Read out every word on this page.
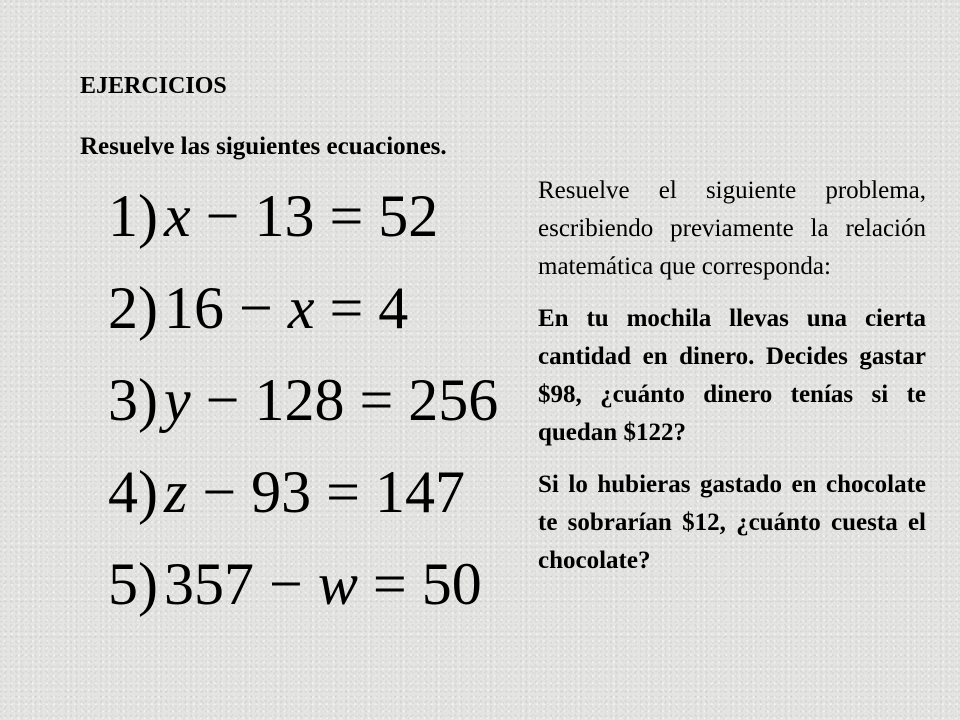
EJERCICIOS
Resuelve las siguientes ecuaciones.
1) x − 13 = 52
2) 16 − x = 4
3) y − 128 = 256
4) z − 93 = 147
5) 357 − w = 50

Resuelve el siguiente problema, escribiendo previamente la relación matemática que corresponda:

En tu mochila llevas una cierta cantidad en dinero. Decides gastar $98, ¿cuánto dinero tenías si te quedan $122?

Si lo hubieras gastado en chocolate te sobrarían $12, ¿cuánto cuesta el chocolate?
